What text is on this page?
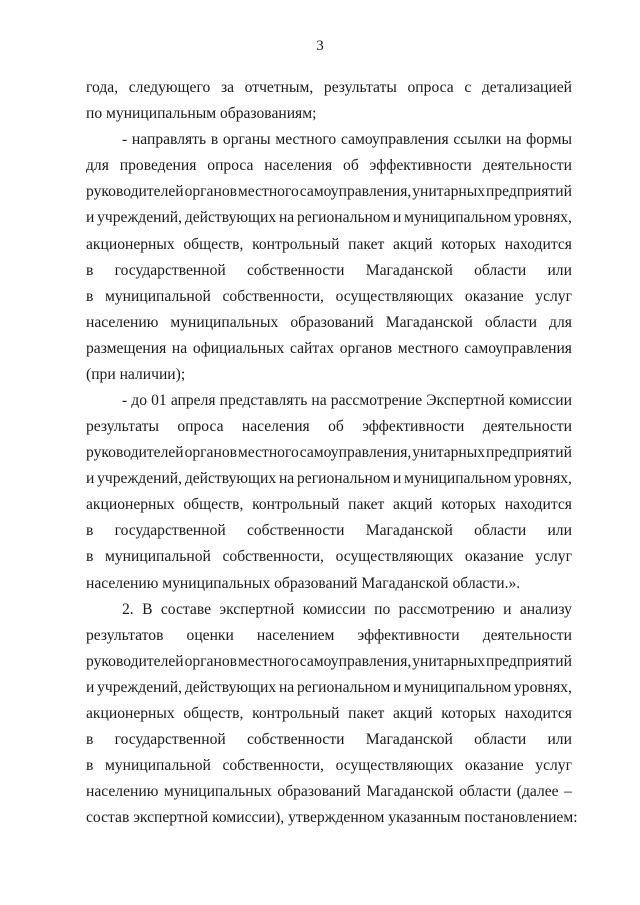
3
года, следующего за отчетным, результаты опроса с детализацией
по муниципальным образованиям;
- направлять в органы местного самоуправления ссылки на формы
для проведения опроса населения об эффективности деятельности
руководителей органов местного самоуправления, унитарных предприятий
и учреждений, действующих на региональном и муниципальном уровнях,
акционерных обществ, контрольный пакет акций которых находится
в государственной собственности Магаданской области или
в муниципальной собственности, осуществляющих оказание услуг
населению муниципальных образований Магаданской области для
размещения на официальных сайтах органов местного самоуправления
(при наличии);
- до 01 апреля представлять на рассмотрение Экспертной комиссии
результаты опроса населения об эффективности деятельности
руководителей органов местного самоуправления, унитарных предприятий
и учреждений, действующих на региональном и муниципальном уровнях,
акционерных обществ, контрольный пакет акций которых находится
в государственной собственности Магаданской области или
в муниципальной собственности, осуществляющих оказание услуг
населению муниципальных образований Магаданской области.».
2. В составе экспертной комиссии по рассмотрению и анализу
результатов оценки населением эффективности деятельности
руководителей органов местного самоуправления, унитарных предприятий
и учреждений, действующих на региональном и муниципальном уровнях,
акционерных обществ, контрольный пакет акций которых находится
в государственной собственности Магаданской области или
в муниципальной собственности, осуществляющих оказание услуг
населению муниципальных образований Магаданской области (далее –
состав экспертной комиссии), утвержденном указанным постановлением:
